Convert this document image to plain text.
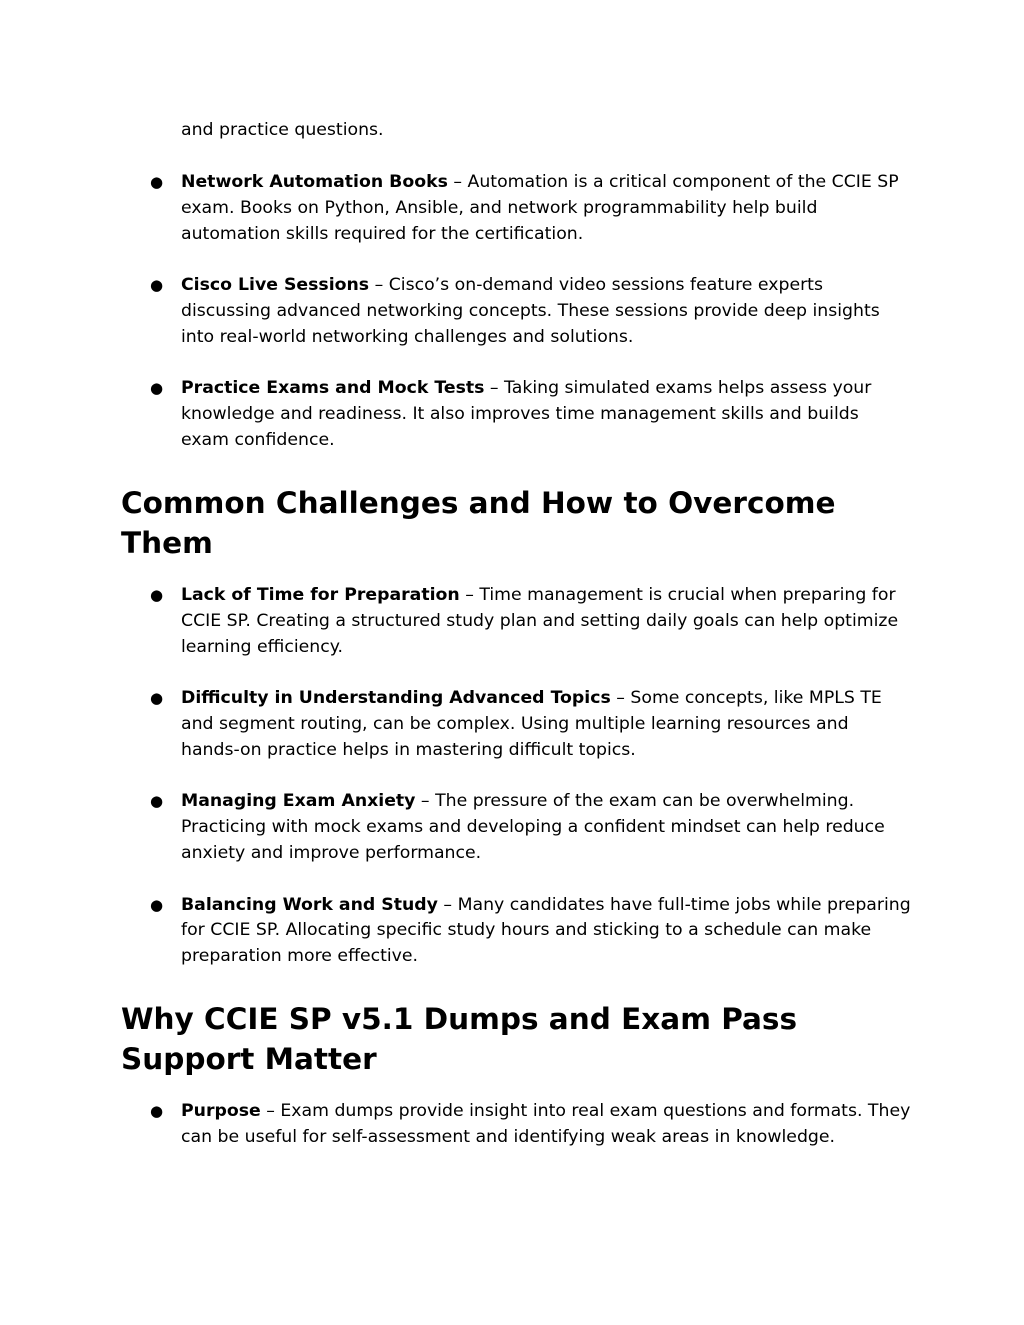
and practice questions.

●	Network Automation Books – Automation is a critical component of the CCIE SP exam. Books on Python, Ansible, and network programmability help build automation skills required for the certification.
●	Cisco Live Sessions – Cisco’s on-demand video sessions feature experts discussing advanced networking concepts. These sessions provide deep insights into real-world networking challenges and solutions.
●	Practice Exams and Mock Tests – Taking simulated exams helps assess your knowledge and readiness. It also improves time management skills and builds exam confidence.
Common Challenges and How to Overcome Them
●	Lack of Time for Preparation – Time management is crucial when preparing for CCIE SP. Creating a structured study plan and setting daily goals can help optimize learning efficiency.
●	Difficulty in Understanding Advanced Topics – Some concepts, like MPLS TE and segment routing, can be complex. Using multiple learning resources and hands-on practice helps in mastering difficult topics.
●	Managing Exam Anxiety – The pressure of the exam can be overwhelming. Practicing with mock exams and developing a confident mindset can help reduce anxiety and improve performance.
●	Balancing Work and Study – Many candidates have full-time jobs while preparing for CCIE SP. Allocating specific study hours and sticking to a schedule can make preparation more effective.
Why CCIE SP v5.1 Dumps and Exam Pass Support Matter
●	Purpose – Exam dumps provide insight into real exam questions and formats. They can be useful for self-assessment and identifying weak areas in knowledge.
